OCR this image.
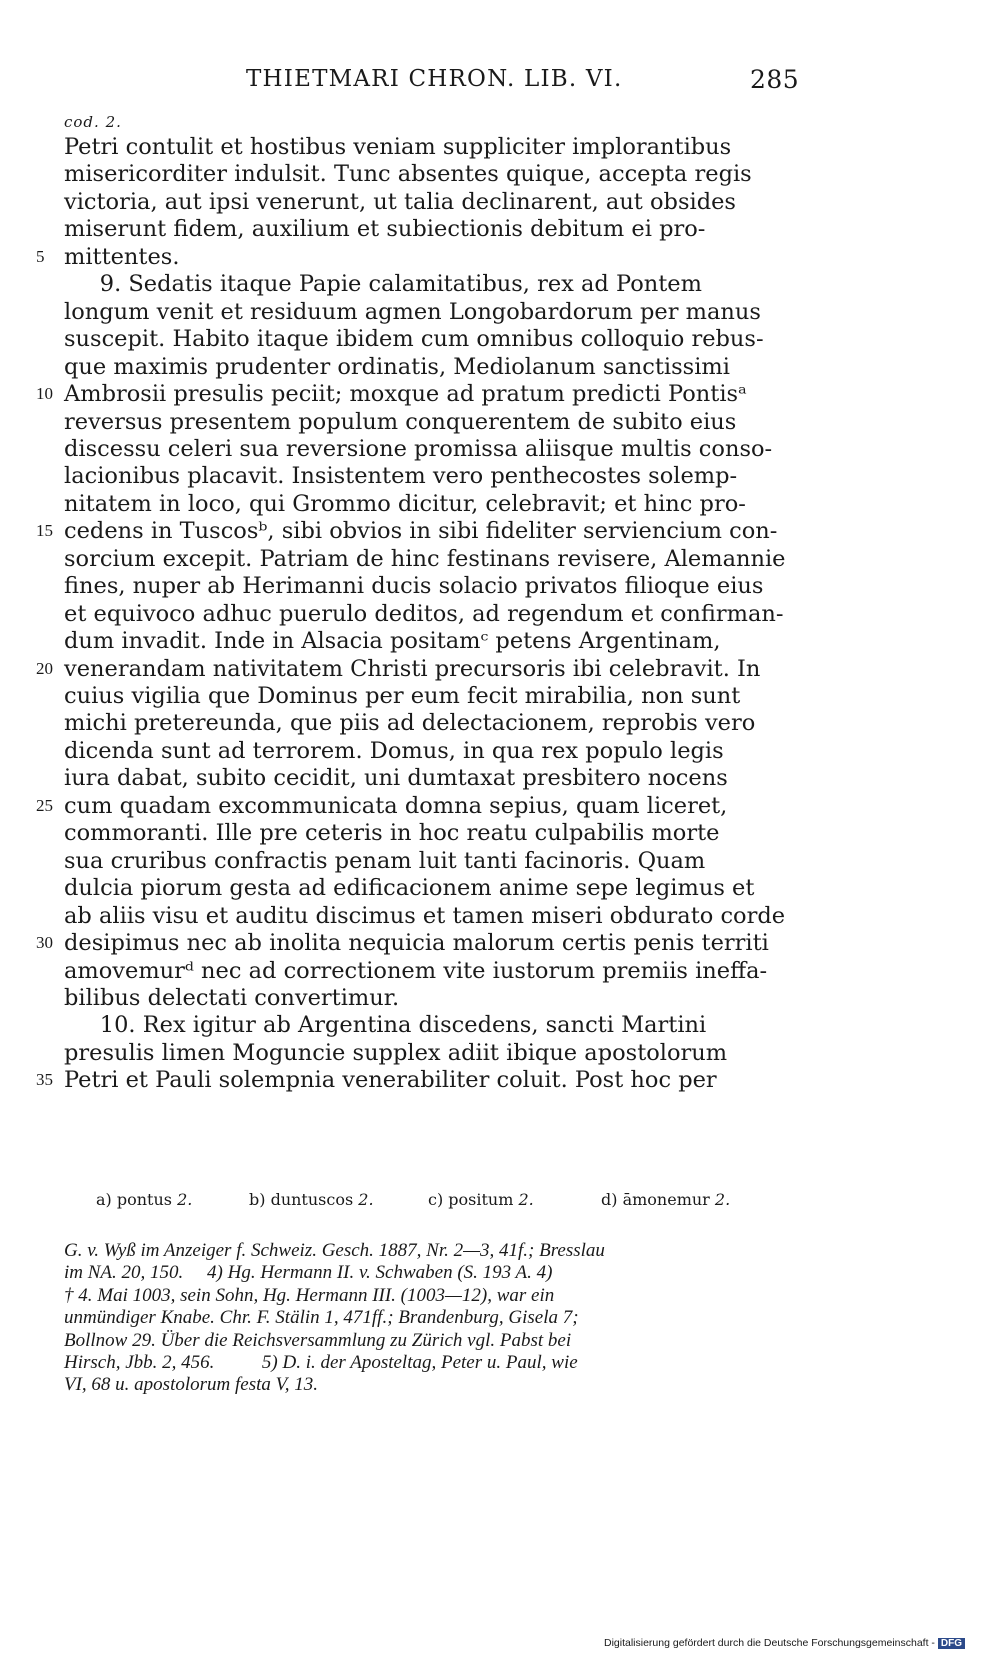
THIETMARI CHRON. LIB. VI.	285
cod. 2.
Petri contulit et hostibus veniam suppliciter implorantibus
misericorditer indulsit. Tunc absentes quique, accepta regis
victoria, aut ipsi venerunt, ut talia declinarent, aut obsides
miserunt fidem, auxilium et subiectionis debitum ei pro-
mittentes.
5
9. Sedatis itaque Papie calamitatibus, rex ad Pontem
longum venit et residuum agmen Longobardorum per manus
suscepit. Habito itaque ibidem cum omnibus colloquio rebus-
que maximis prudenter ordinatis, Mediolanum sanctissimi
Ambrosii presulis peciit; moxque ad pratum predicti Pontisᵃ
10
reversus presentem populum conquerentem de subito eius
discessu celeri sua reversione promissa aliisque multis conso-
lacionibus placavit. Insistentem vero penthecostes solemp-
nitatem in loco, qui Grommo dicitur, celebravit; et hinc pro-
cedens in Tuscosᵇ, sibi obvios in sibi fideliter serviencium con-
15
sorcium excepit. Patriam de hinc festinans revisere, Alemannie
fines, nuper ab Herimanni ducis solacio privatos filioque eius
et equivoco adhuc puerulo deditos, ad regendum et confirman-
dum invadit. Inde in Alsacia positamᶜ petens Argentinam,
venerandam nativitatem Christi precursoris ibi celebravit. In
20
cuius vigilia que Dominus per eum fecit mirabilia, non sunt
michi pretereunda, que piis ad delectacionem, reprobis vero
dicenda sunt ad terrorem. Domus, in qua rex populo legis
iura dabat, subito cecidit, uni dumtaxat presbitero nocens
cum quadam excommunicata domna sepius, quam liceret,
25
commoranti. Ille pre ceteris in hoc reatu culpabilis morte
sua cruribus confractis penam luit tanti facinoris. Quam
dulcia piorum gesta ad edificacionem anime sepe legimus et
ab aliis visu et auditu discimus et tamen miseri obdurato corde
desipimus nec ab inolita nequicia malorum certis penis territi
30
amovemurᵈ nec ad correctionem vite iustorum premiis ineffa-
bilibus delectati convertimur.
10. Rex igitur ab Argentina discedens, sancti Martini
presulis limen Moguncie supplex adiit ibique apostolorum
Petri et Pauli solempnia venerabiliter coluit. Post hoc per
35
a) pontus 2.	b) duntuscos 2.	c) positum 2.	d) āmonemur 2.
G. v. Wyß im Anzeiger f. Schweiz. Gesch. 1887, Nr. 2—3, 41f.; Bresslau
im NA. 20, 150.     4) Hg. Hermann II. v. Schwaben (S. 193 A. 4)
† 4. Mai 1003, sein Sohn, Hg. Hermann III. (1003—12), war ein
unmündiger Knabe. Chr. F. Stälin 1, 471ff.; Brandenburg, Gisela 7;
Bollnow 29. Über die Reichsversammlung zu Zürich vgl. Pabst bei
Hirsch, Jbb. 2, 456.          5) D. i. der Aposteltag, Peter u. Paul, wie
VI, 68 u. apostolorum festa V, 13.
Digitalisierung gefördert durch die Deutsche Forschungsgemeinschaft - DFG
